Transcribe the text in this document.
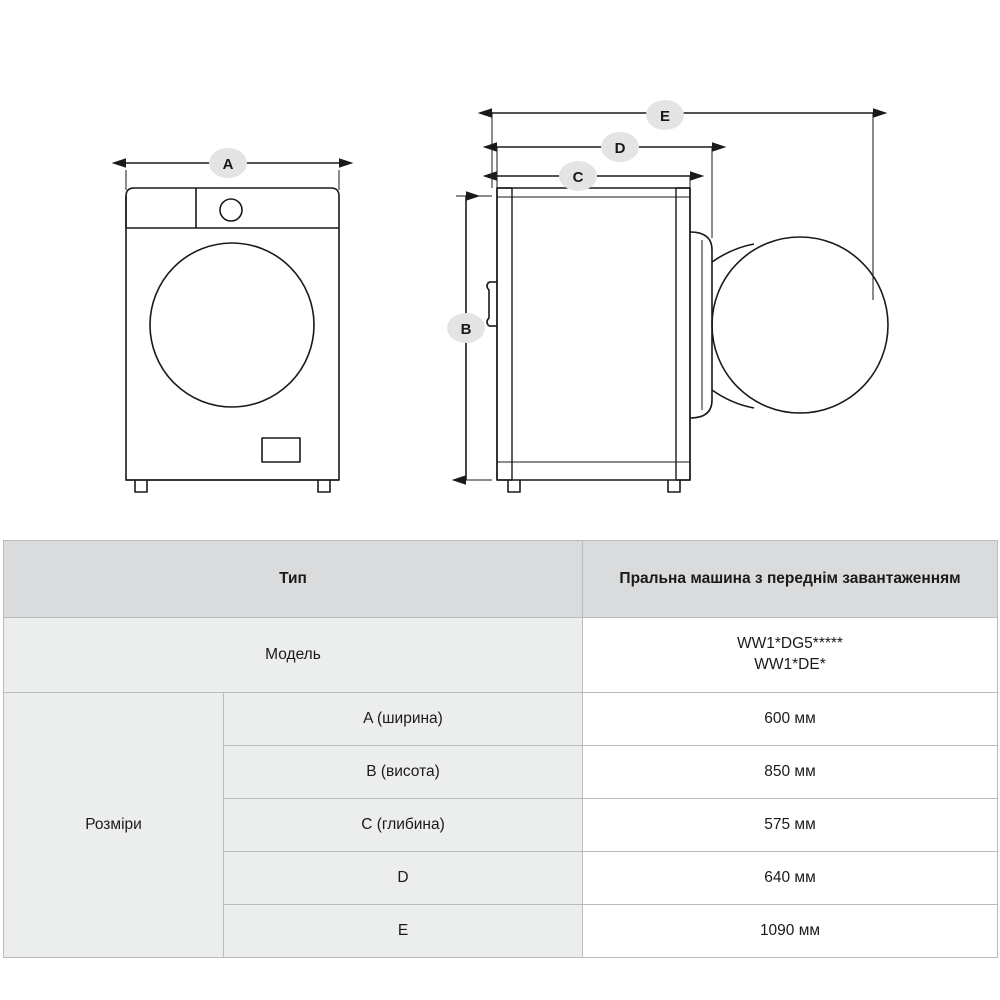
A
B
C
D
E
Тип		Пральна машина з переднім завантаженням
Модель		WW1*DG5*****
WW1*DE*

Розміри	A (ширина)	600 мм
	B (висота)	850 мм
	C (глибина)	575 мм
	D	640 мм
	E	1090 мм
